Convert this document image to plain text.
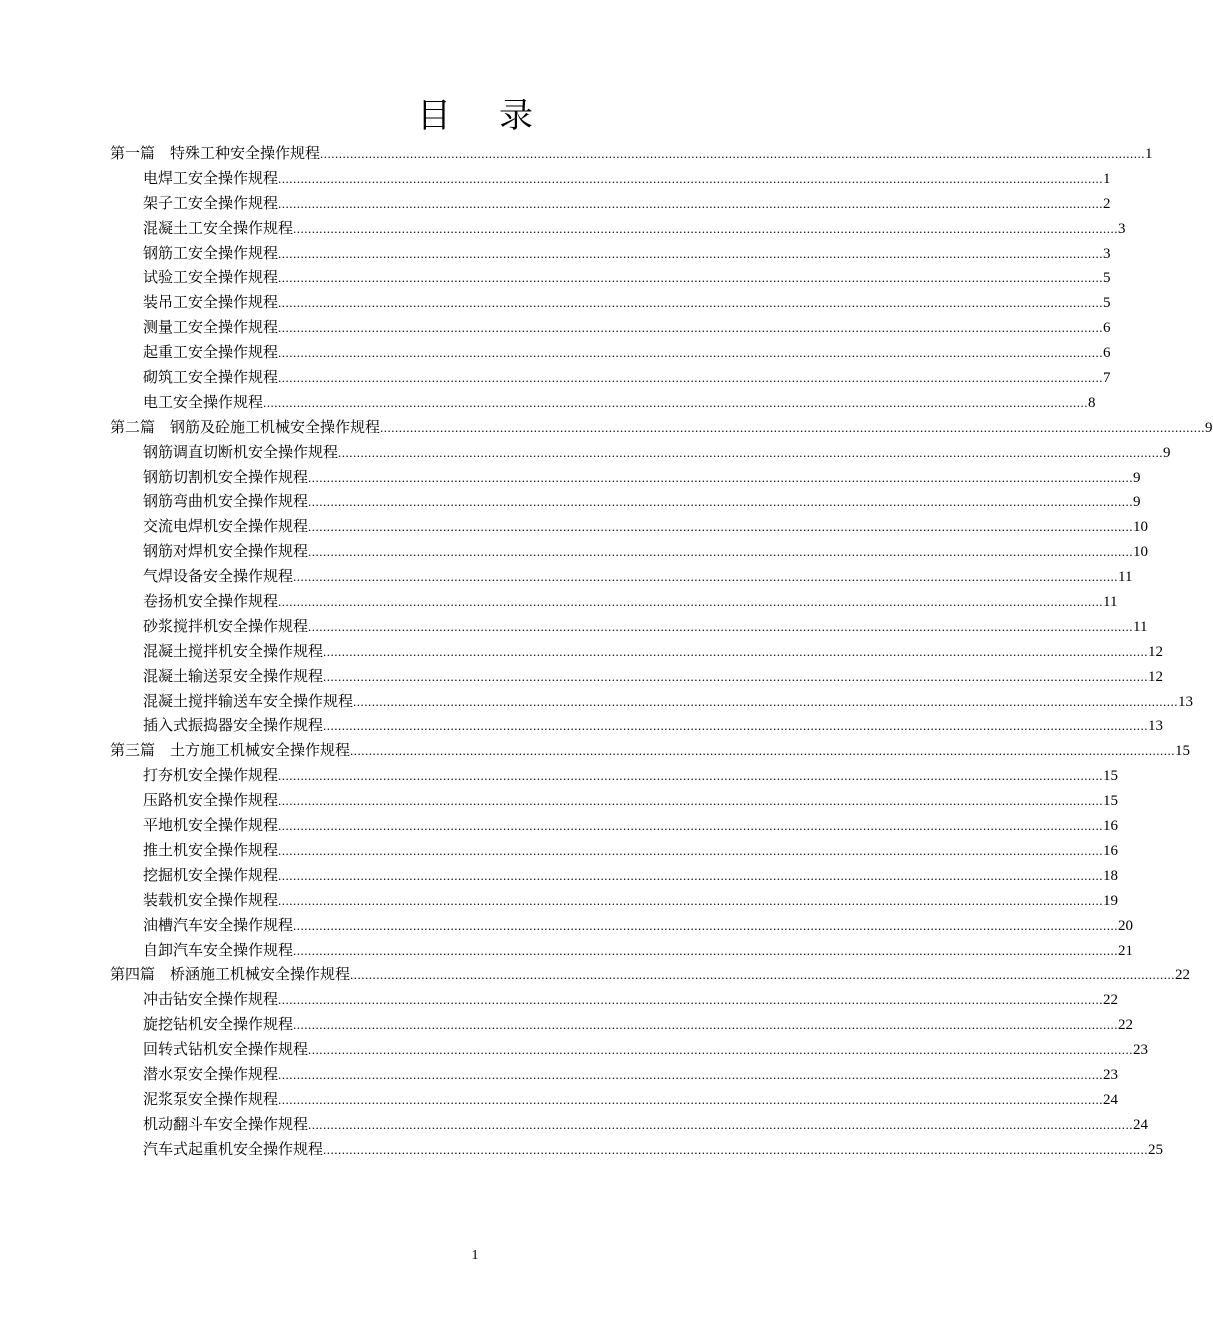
目录
第一篇　特殊工种安全操作规程 ............................................................................................................................................................................................................................ 1
电焊工安全操作规程 ............................................................................................................................................................................................................................ 1
架子工安全操作规程 ............................................................................................................................................................................................................................ 2
混凝土工安全操作规程 ............................................................................................................................................................................................................................ 3
钢筋工安全操作规程 ............................................................................................................................................................................................................................ 3
试验工安全操作规程 ............................................................................................................................................................................................................................ 5
装吊工安全操作规程 ............................................................................................................................................................................................................................ 5
测量工安全操作规程 ............................................................................................................................................................................................................................ 6
起重工安全操作规程 ............................................................................................................................................................................................................................ 6
砌筑工安全操作规程 ............................................................................................................................................................................................................................ 7
电工安全操作规程 ............................................................................................................................................................................................................................ 8
第二篇　钢筋及砼施工机械安全操作规程 ............................................................................................................................................................................................................................ 9
钢筋调直切断机安全操作规程 ............................................................................................................................................................................................................................ 9
钢筋切割机安全操作规程 ............................................................................................................................................................................................................................ 9
钢筋弯曲机安全操作规程 ............................................................................................................................................................................................................................ 9
交流电焊机安全操作规程 ............................................................................................................................................................................................................................ 10
钢筋对焊机安全操作规程 ............................................................................................................................................................................................................................ 10
气焊设备安全操作规程 ............................................................................................................................................................................................................................ 11
卷扬机安全操作规程 ............................................................................................................................................................................................................................ 11
砂浆搅拌机安全操作规程 ............................................................................................................................................................................................................................ 11
混凝土搅拌机安全操作规程 ............................................................................................................................................................................................................................ 12
混凝土输送泵安全操作规程 ............................................................................................................................................................................................................................ 12
混凝土搅拌输送车安全操作规程 ............................................................................................................................................................................................................................ 13
插入式振捣器安全操作规程 ............................................................................................................................................................................................................................ 13
第三篇　土方施工机械安全操作规程 ............................................................................................................................................................................................................................ 15
打夯机安全操作规程 ............................................................................................................................................................................................................................ 15
压路机安全操作规程 ............................................................................................................................................................................................................................ 15
平地机安全操作规程 ............................................................................................................................................................................................................................ 16
推土机安全操作规程 ............................................................................................................................................................................................................................ 16
挖掘机安全操作规程 ............................................................................................................................................................................................................................ 18
装载机安全操作规程 ............................................................................................................................................................................................................................ 19
油槽汽车安全操作规程 ............................................................................................................................................................................................................................ 20
自卸汽车安全操作规程 ............................................................................................................................................................................................................................ 21
第四篇　桥涵施工机械安全操作规程 ............................................................................................................................................................................................................................ 22
冲击钻安全操作规程 ............................................................................................................................................................................................................................ 22
旋挖钻机安全操作规程 ............................................................................................................................................................................................................................ 22
回转式钻机安全操作规程 ............................................................................................................................................................................................................................ 23
潜水泵安全操作规程 ............................................................................................................................................................................................................................ 23
泥浆泵安全操作规程 ............................................................................................................................................................................................................................ 24
机动翻斗车安全操作规程 ............................................................................................................................................................................................................................ 24
汽车式起重机安全操作规程 ............................................................................................................................................................................................................................ 25
1
